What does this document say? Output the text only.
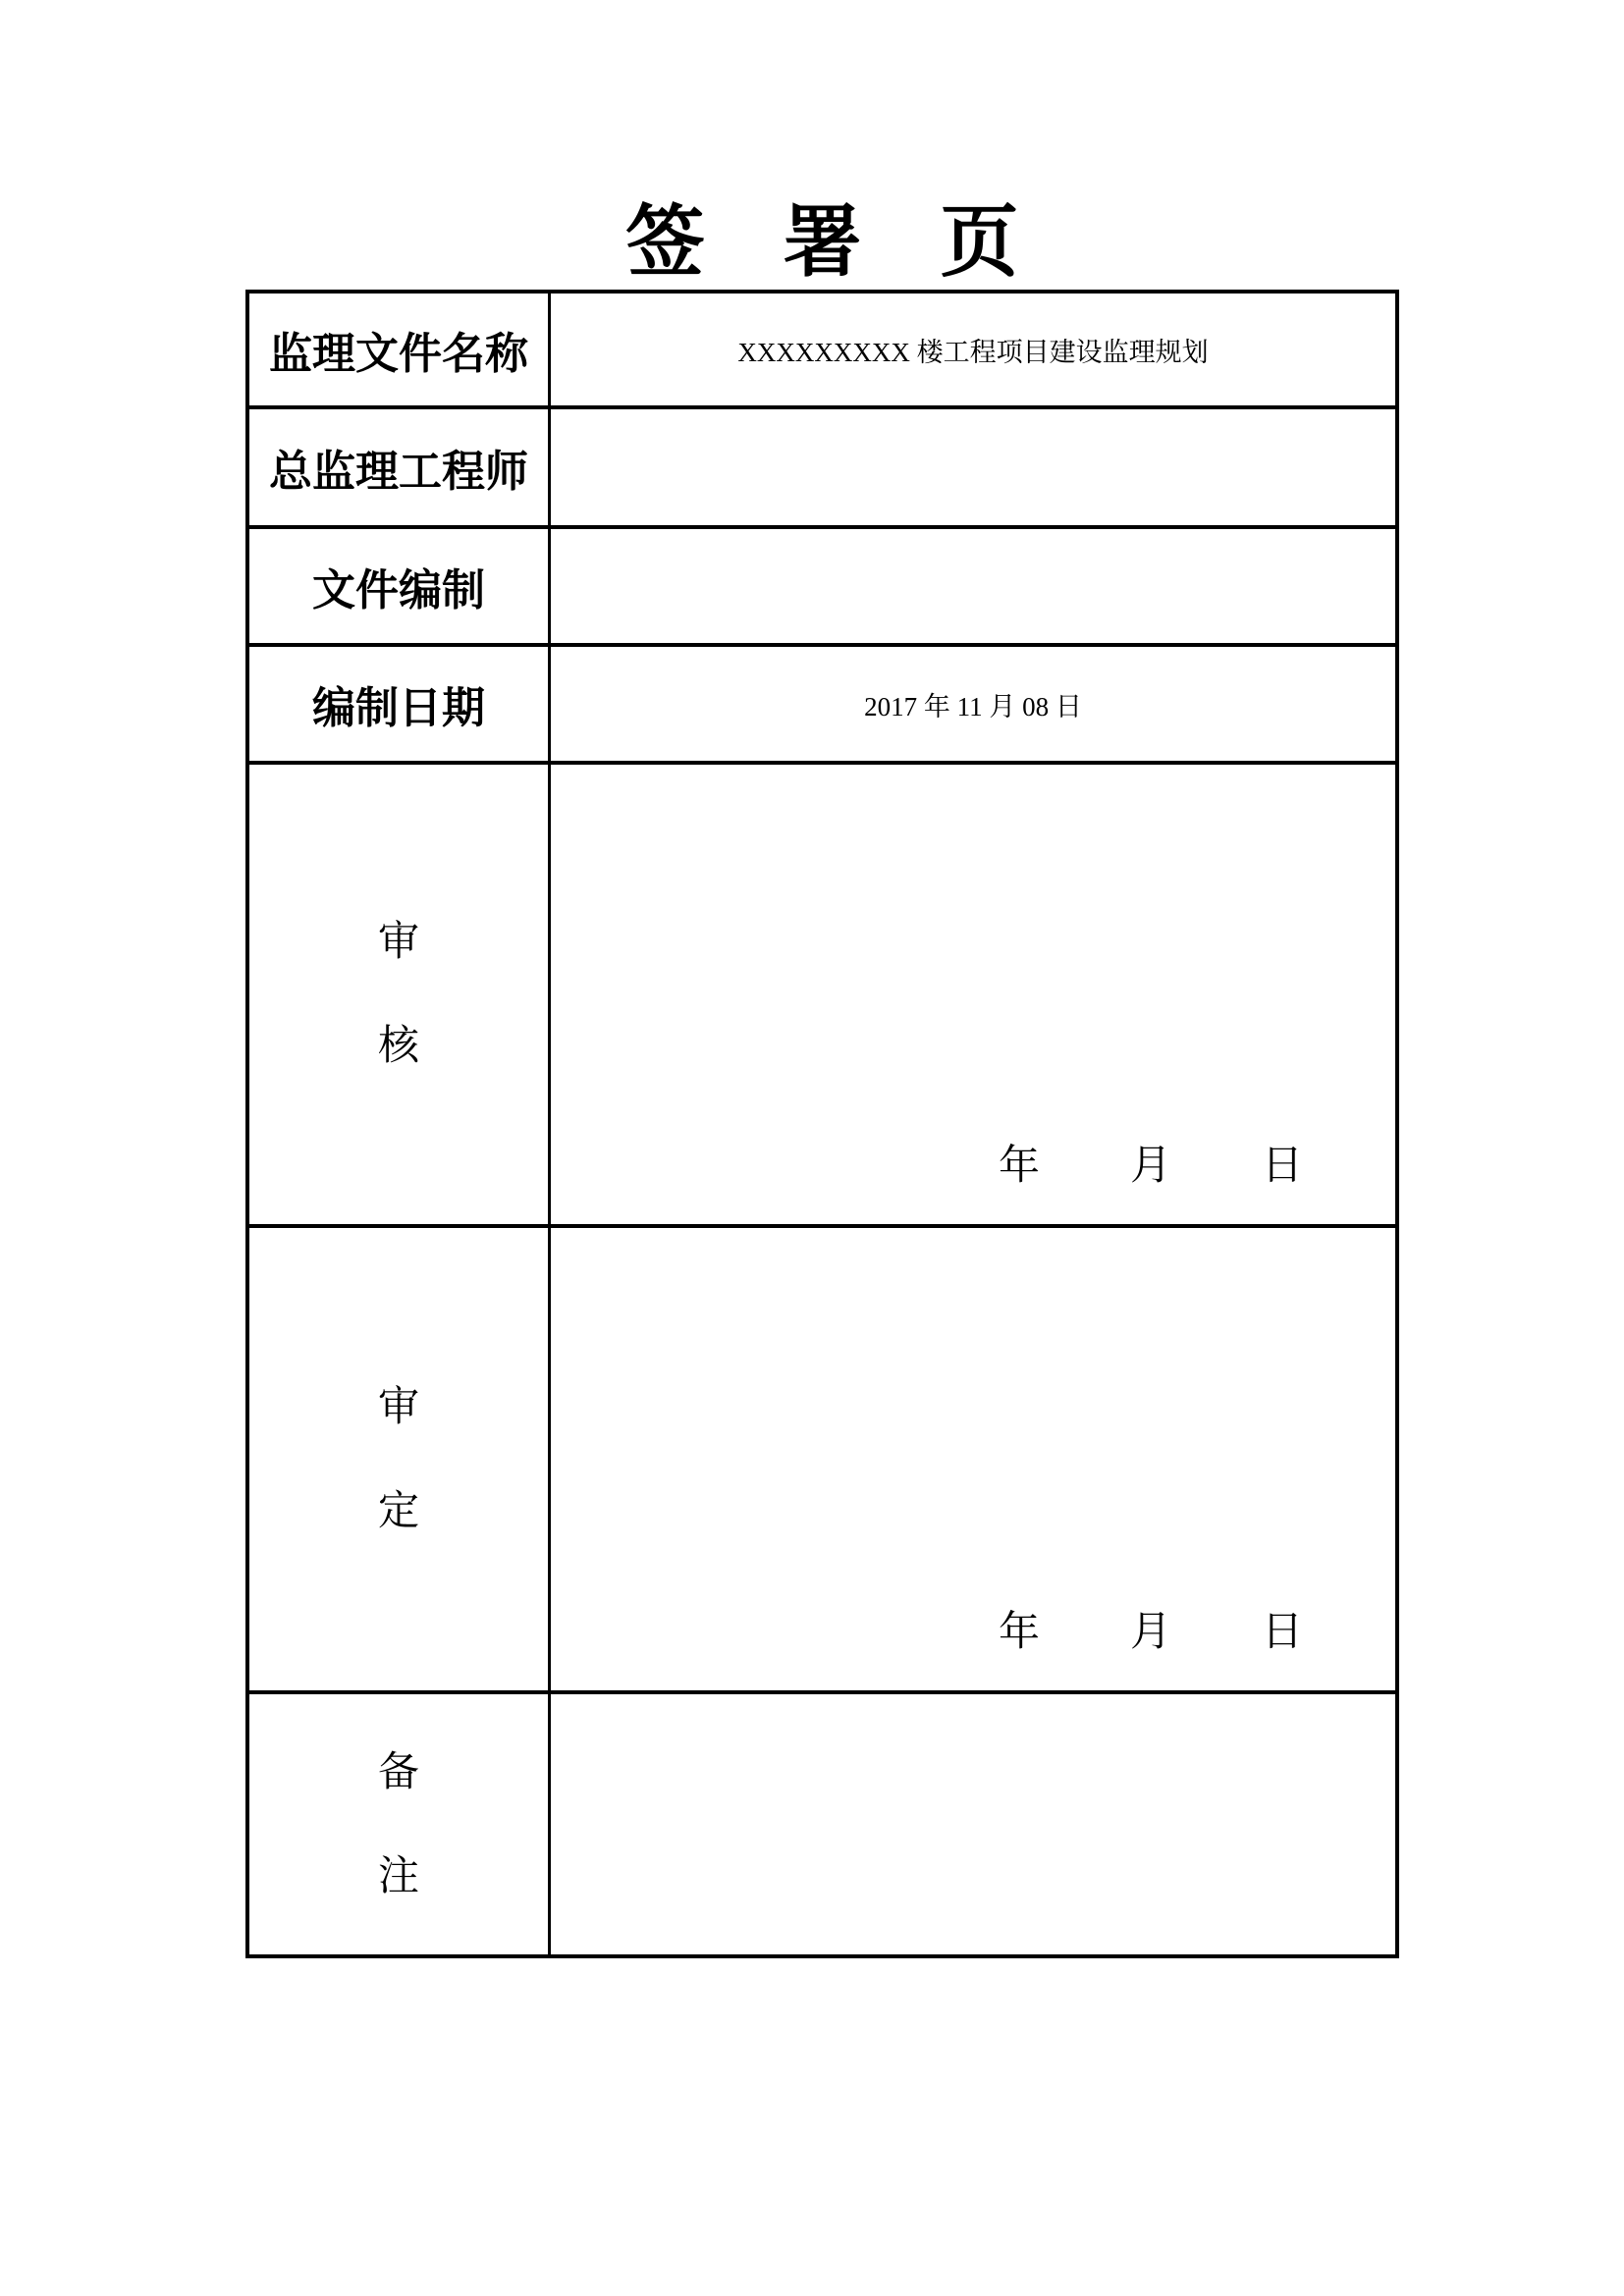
签　署　页
监理文件名称	XXXXXXXXX 楼工程项目建设监理规划
总监理工程师
文件编制
编制日期	2017 年 11 月 08 日
审
核
年 月 日
审
定
年 月 日
备
注
